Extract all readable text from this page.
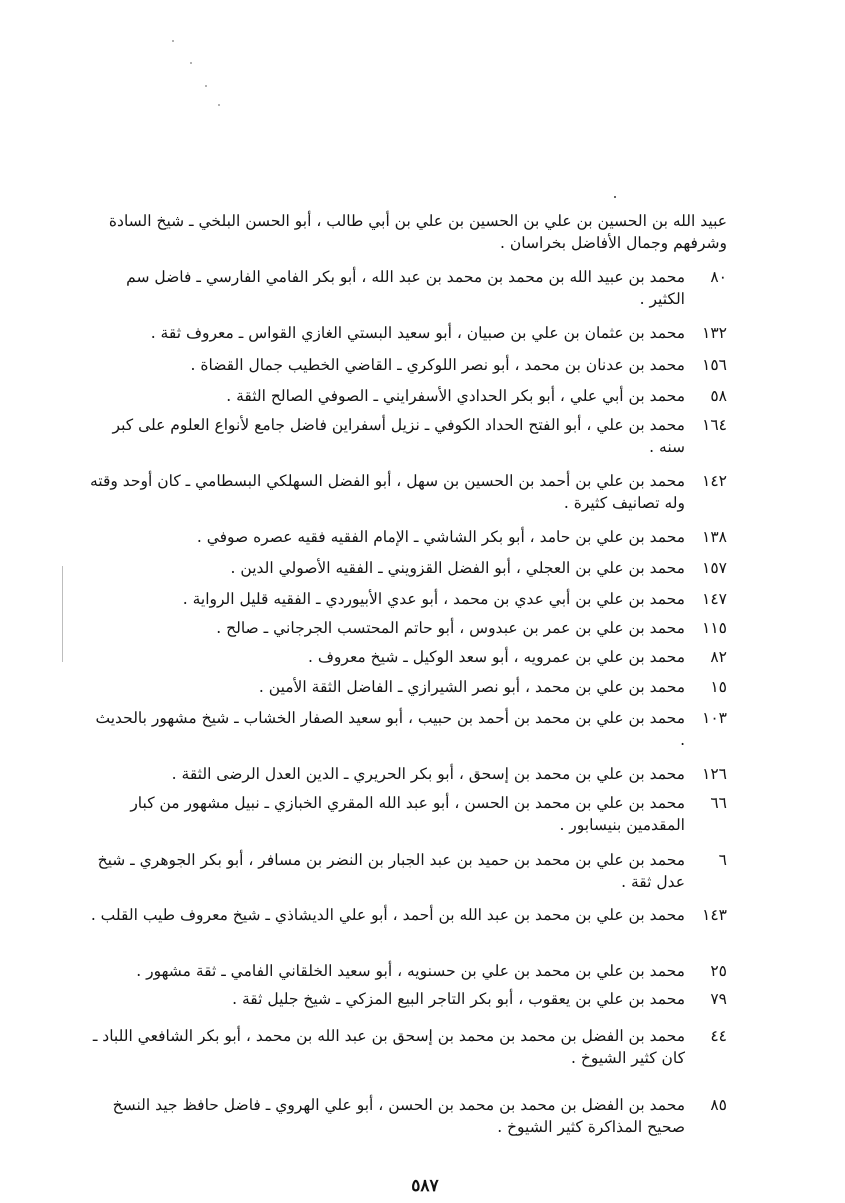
عبيد الله بن الحسين بن علي بن الحسين بن علي بن أبي طالب ، أبو الحسن البلخي ـ شيخ السادة وشرفهم وجمال الأفاضل بخراسان .
٨٠
محمد بن عبيد الله بن محمد بن محمد بن عبد الله ، أبو بكر الفامي الفارسي ـ فاضل سم الكثير .
١٣٢
محمد بن عثمان بن علي بن صبيان ، أبو سعيد البستي الغازي القواس ـ معروف ثقة .
١٥٦
محمد بن عدنان بن محمد ، أبو نصر اللوكري ـ القاضي الخطيب جمال القضاة .
٥٨
محمد بن أبي علي ، أبو بكر الحدادي الأسفرايني ـ الصوفي الصالح الثقة .
١٦٤
محمد بن علي ، أبو الفتح الحداد الكوفي ـ نزيل أسفراين فاضل جامع لأنواع العلوم على كبر سنه .
١٤٢
محمد بن علي بن أحمد بن الحسين بن سهل ، أبو الفضل السهلكي البسطامي ـ كان أوحد وقته وله تصانيف كثيرة .
١٣٨
محمد بن علي بن حامد ، أبو بكر الشاشي ـ الإمام الفقيه فقيه عصره صوفي .
١٥٧
محمد بن علي بن العجلي ، أبو الفضل القزويني ـ الفقيه الأصولي الدين .
١٤٧
محمد بن علي بن أبي عدي بن محمد ، أبو عدي الأبيوردي ـ الفقيه قليل الرواية .
١١٥
محمد بن علي بن عمر بن عبدوس ، أبو حاتم المحتسب الجرجاني ـ صالح .
٨٢
محمد بن علي بن عمرويه ، أبو سعد الوكيل ـ شيخ معروف .
١٥
محمد بن علي بن محمد ، أبو نصر الشيرازي ـ الفاضل الثقة الأمين .
١٠٣
محمد بن علي بن محمد بن أحمد بن حبيب ، أبو سعيد الصفار الخشاب ـ شيخ مشهور بالحديث .
١٢٦
محمد بن علي بن محمد بن إسحق ، أبو بكر الحريري ـ الدين العدل الرضى الثقة .
٦٦
محمد بن علي بن محمد بن الحسن ، أبو عبد الله المقري الخبازي ـ نبيل مشهور من كبار المقدمين بنيسابور .
٦
محمد بن علي بن محمد بن حميد بن عبد الجبار بن النضر بن مسافر ، أبو بكر الجوهري ـ شيخ عدل ثقة .
١٤٣
محمد بن علي بن محمد بن عبد الله بن أحمد ، أبو علي الديشاذي ـ شيخ معروف طيب القلب .
٢٥
محمد بن علي بن محمد بن علي بن حسنويه ، أبو سعيد الخلقاني الفامي ـ ثقة مشهور .
٧٩
محمد بن علي بن يعقوب ، أبو بكر التاجر البيع المزكي ـ شيخ جليل ثقة .
٤٤
محمد بن الفضل بن محمد بن محمد بن إسحق بن عبد الله بن محمد ، أبو بكر الشافعي اللباد ـ كان كثير الشيوخ .
٨٥
محمد بن الفضل بن محمد بن محمد بن الحسن ، أبو علي الهروي ـ فاضل حافظ جيد النسخ صحيح المذاكرة كثير الشيوخ .
٥٨٧
